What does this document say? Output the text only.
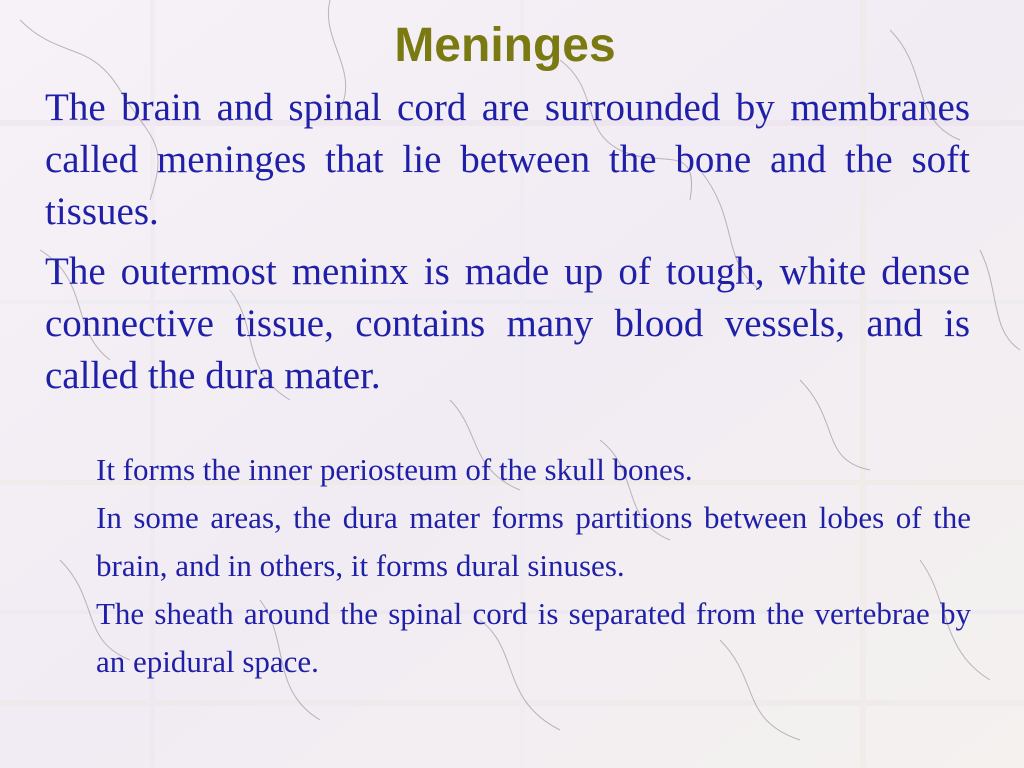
Meninges

The brain and spinal cord are surrounded by membranes called meninges that lie between the bone and the soft tissues.

The outermost meninx is made up of tough, white dense connective tissue, contains many blood vessels, and is called the dura mater.

It forms the inner periosteum of the skull bones.
In some areas, the dura mater forms partitions between lobes of the brain, and in others, it forms dural sinuses.
The sheath around the spinal cord is separated from the vertebrae by an epidural space.
